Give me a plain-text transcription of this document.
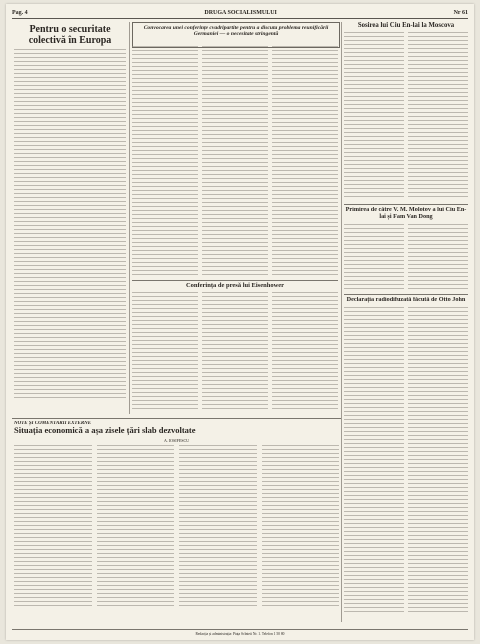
Pag. 4	DRUGA SOCIALISMULUI	Nr 61
Pentru o securitate colectivă în Europa
Convocarea unei conferințe cvadripartite pentru a discuta problema reunificării Germaniei — o necesitate stringentă
Conferința de presă lui Eisenhower
Sosirea lui Ciu En-lai la Moscova
Primirea de către V. M. Molotov a lui Ciu En-lai și Fam Van Dong
Declarația radiodifuzată făcută de Otto John
NOTE ȘI COMENTARII EXTERNE
Situația economică a așa zisele țări slab dezvoltate
A. IOSIFESCU
Redacția și administrația: Piața Scînteii Nr. 1. Telefon 1 50 80
